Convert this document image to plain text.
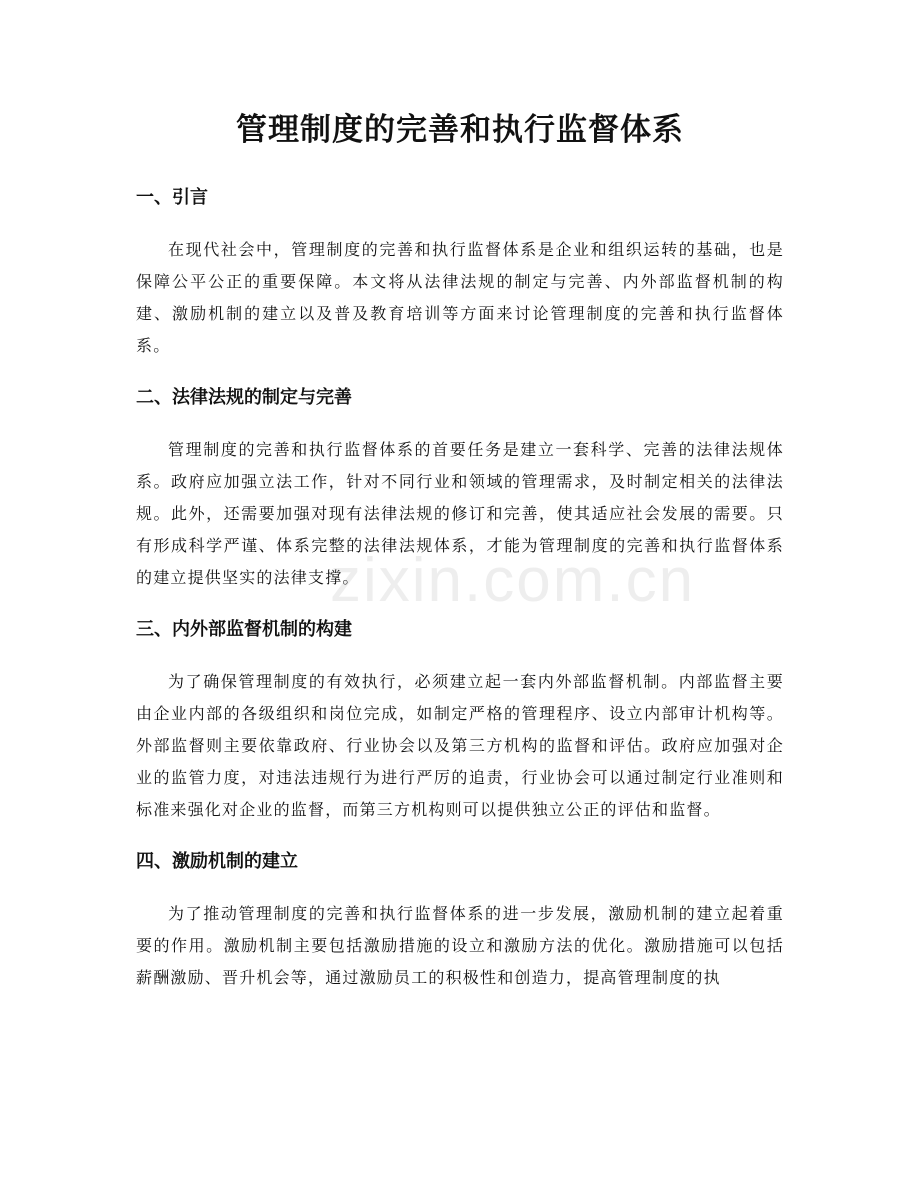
管理制度的完善和执行监督体系
一、引言

在现代社会中，管理制度的完善和执行监督体系是企业和组织运转的基础，也是保障公平公正的重要保障。本文将从法律法规的制定与完善、内外部监督机制的构建、激励机制的建立以及普及教育培训等方面来讨论管理制度的完善和执行监督体系。

二、法律法规的制定与完善

管理制度的完善和执行监督体系的首要任务是建立一套科学、完善的法律法规体系。政府应加强立法工作，针对不同行业和领域的管理需求，及时制定相关的法律法规。此外，还需要加强对现有法律法规的修订和完善，使其适应社会发展的需要。只有形成科学严谨、体系完整的法律法规体系，才能为管理制度的完善和执行监督体系的建立提供坚实的法律支撑。

三、内外部监督机制的构建

为了确保管理制度的有效执行，必须建立起一套内外部监督机制。内部监督主要由企业内部的各级组织和岗位完成，如制定严格的管理程序、设立内部审计机构等。外部监督则主要依靠政府、行业协会以及第三方机构的监督和评估。政府应加强对企业的监管力度，对违法违规行为进行严厉的追责，行业协会可以通过制定行业准则和标准来强化对企业的监督，而第三方机构则可以提供独立公正的评估和监督。

四、激励机制的建立

为了推动管理制度的完善和执行监督体系的进一步发展，激励机制的建立起着重要的作用。激励机制主要包括激励措施的设立和激励方法的优化。激励措施可以包括薪酬激励、晋升机会等，通过激励员工的积极性和创造力，提高管理制度的执

zixin.com.cn
